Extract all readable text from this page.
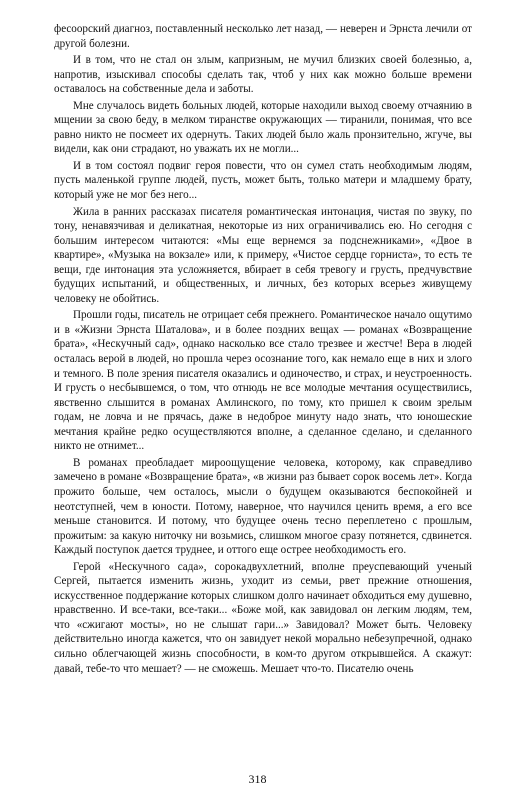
фесоорский диагноз, поставленный несколько лет назад, — неверен и Эрнста лечили от другой болезни.

И в том, что не стал он злым, капризным, не мучил близких своей болезнью, а, напротив, изыскивал способы сделать так, чтоб у них как можно больше времени оставалось на собственные дела и заботы.

Мне случалось видеть больных людей, которые находили выход своему отчаянию в мщении за свою беду, в мелком тиранстве окружающих — тиранили, понимая, что все равно никто не посмеет их одернуть. Таких людей было жаль пронзительно, жгуче, вы видели, как они страдают, но уважать их не могли...

И в том состоял подвиг героя повести, что он сумел стать необходимым людям, пусть маленькой группе людей, пусть, может быть, только матери и младшему брату, который уже не мог без него...

Жила в ранних рассказах писателя романтическая интонация, чистая по звуку, по тону, ненавязчивая и деликатная, некоторые из них ограничивались ею. Но сегодня с большим интересом читаются: «Мы еще вернемся за подснежниками», «Двое в квартире», «Музыка на вокзале» или, к примеру, «Чистое сердце горниста», то есть те вещи, где интонация эта усложняется, вбирает в себя тревогу и грусть, предчувствие будущих испытаний, и общественных, и личных, без которых всерьез живущему человеку не обойтись.

Прошли годы, писатель не отрицает себя прежнего. Романтическое начало ощутимо и в «Жизни Эрнста Шаталова», и в более поздних вещах — романах «Возвращение брата», «Нескучный сад», однако насколько все стало трезвее и жестче! Вера в людей осталась верой в людей, но прошла через осознание того, как немало еще в них и злого и темного. В поле зрения писателя оказались и одиночество, и страх, и неустроенность. И грусть о несбывшемся, о том, что отнюдь не все молодые мечтания осуществились, явственно слышится в романах Амлинского, по тому, кто пришел к своим зрелым годам, не ловча и не прячась, даже в недоброе минуту надо знать, что юношеские мечтания крайне редко осуществляются вполне, а сделанное сделано, и сделанного никто не отнимет...

В романах преобладает мироощущение человека, которому, как справедливо замечено в романе «Возвращение брата», «в жизни раз бывает сорок восемь лет». Когда прожито больше, чем осталось, мысли о будущем оказываются беспокойней и неотступней, чем в юности. Потому, наверное, что научился ценить время, а его все меньше становится. И потому, что будущее очень тесно переплетено с прошлым, прожитым: за какую ниточку ни возьмись, слишком многое сразу потянется, сдвинется. Каждый поступок дается труднее, и оттого еще острее необходимость его.

Герой «Нескучного сада», сорокадвухлетний, вполне преуспевающий ученый Сергей, пытается изменить жизнь, уходит из семьи, рвет прежние отношения, искусственное поддержание которых слишком долго начинает обходиться ему душевно, нравственно. И все-таки, все-таки... «Боже мой, как завидовал он легким людям, тем, что «сжигают мосты», но не слышат гари...» Завидовал? Может быть. Человеку действительно иногда кажется, что он завидует некой морально небезупречной, однако сильно облегчающей жизнь способности, в ком-то другом открывшейся. А скажут: давай, тебе-то что мешает? — не сможешь. Мешает что-то. Писателю очень

318
